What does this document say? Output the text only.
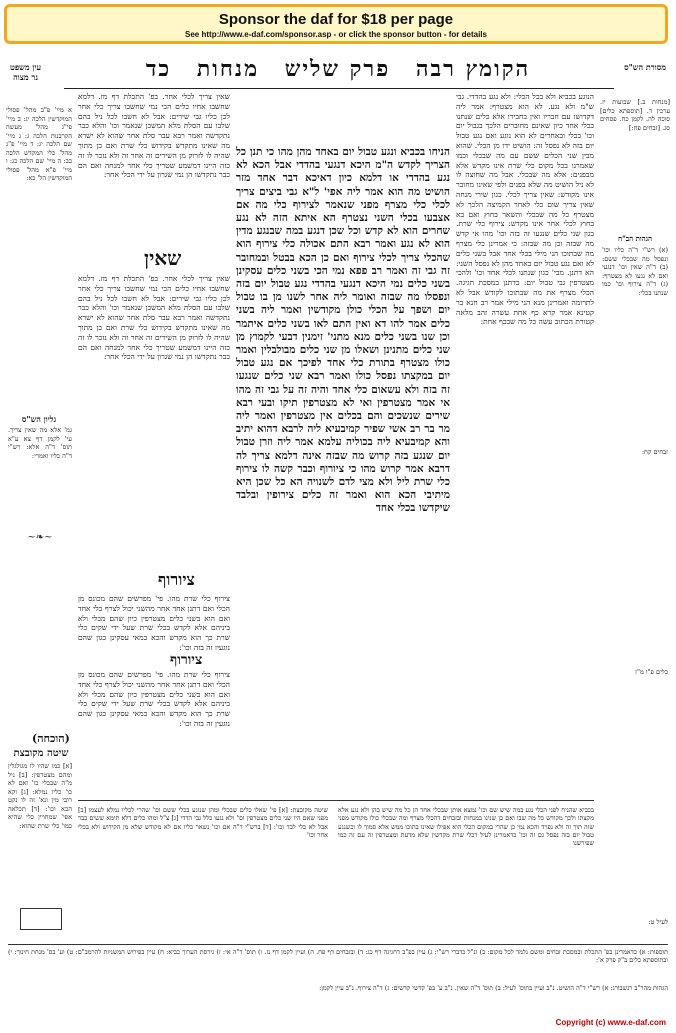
Sponsor the daf for $18 per page
See http://www.e-daf.com/sponsor.asp - or click the sponsor button - for details
עין משפט
נר מצוה	הקומץ רבה פרק שליש מנחות כד	מסורת הש"ס
הנוגע בכביא ולא בכל הכלי: ולא נגע בהדדי. גבי ש"מ ולא נגע. לא הוא מצטרף: אמר ליה דקדושו עם חבריו ואין בחבירו אלא כלים שנתנו בכלי אחד כיון שאינם מחוברים הלכך בגבול יום וכו' בכלי ובאחרים לא הוא נוגע ואם נגע טבול יום בזה לא נפסל זה: הושיט ידו מן הכלי. שהוא מבין שני הכלים ששם עם מה שבכלי וכמו שאמרנו בכל מקום כלי שרת אינו מקדש אלא מבפנים: אלא מה שבכלי. אבל מה שחוצה לו לא ניל הושיט מה שלא בפנים ולפי שאינו מחובר אינו מקודש: שאין צריך לכלי. כגון שירי מנחה שאין צריך שום כלי לאחר הקמיצה הלכך לא מצטרף כל מה שבכלי והשאר בחוץ ואם בא בחוץ לכלי אחר אינו מקדש: צירוף כלי שרת. כגון שני כלים שנגעו זה בזה וכו' מהו אי קדש מה שבזה וכן מה שבזה: כי אמרינן כלי מצרף מה שבתוכו הני מילי בכלי אחד אבל בשני כלים לא ואם נגע טבול יום באחד מהן לא נפסל השני: הא דתנן. מבי' כגון שנתנו לכלי אחד וכו' ולהכי מצטרפין גבי טבול יום: כדתנן במסכת חגיגה. הכלי מצרף את מה שבתוכו לקודש אבל לא לתרומה ואמרינן מנא הני מילי אמר רב חנא בר קטינא אמר קרא כף אחת עשרה זהב מלאה קטורת הכתוב עשה כל מה שבכף אחת:
[מנחות ב.] שבועות יז. ערכין ד. [תוספתא כלים] סוכה לה. לקמן כח. פסחים סג. [זבחים פח:]
הגהות הב"ח
(א) רש"י ד"ה כליו וכו' ונפסל מה שבכלי ששם: (ב) ד"ה שאין וכו' דנגעי ואם לא נגעו לא מצטרף: (ג) ד"ה צירוף וכו' כמו שנתנו בכלי:
זבחים קח:
כלים פ"ו מ"ז
לעיל ט:
הניחו בכביא ונגע טבול יום באחד מהן מהו כי תנן כל הצריך לקדש ה"מ היכא דנגעי בהדדי אבל הכא לא נגע בהדדי או דלמא כיון דאיכא דבר אחד מזר הושיט מה הוא אמר ליה אפי' ל"א גבי ביצים צריך לכלי כלי מצרף מפני שנאמר לצירוף כלי מה אם אצבעו בכלי השני נצטרף הא איתא הזה לא נגע שחרים הוא לא קדש וכל שכן דנגע במה שבנגע מדין הוא לא נגע ואמר רבא התם אכולה כלי צירוף הוא שהכלי צריך לכלי צירוף ואם כן הכא בבטל ובמחובר זה גבי זה ואמר רב פפא נמי הכי בשני כלים עסקינן בשני כלים נמי היכא דנגעי בהדדי נגע טבול יום בזה ונפסלו מה שבזה ואומר ליה אחר לשנו מן בו טבול יום ושפך על הכלי כולן מקודשין ואמר ליה בשני כלים אמר להו דא ואין התם לאו בשני כלים איתמר וכן שנו בשני כלים מנא מתני' זימנין דבעי לקמוץ מן שני כלים מתנינן ושאלו מן שני כלים מבולבלין ואמר כולו מצטרף בתורת כלי אחד לפיכך אם נגע טבול יום במקצתו נפסל כולו ואמר רבא שני כלים שנגעו זה בזה ולא עשאום כלי אחד והיה זה על גבי זה מהו אי אמר מצטרפין ואי לא מצטרפין תיקו ובעי רבא שירים שנשכים והם בכלים אין מצטרפין ואמר ליה מר בר רב אשי שפיר קמיבעיא ליה לרבא דהוא יתיב והא קמיבעיא ליה בכוליה עלמא אמר ליה וזרן טבול יום שנגע בזה קרוש מה שבזה אינה דלמא צריך לה דרבא אמר קרוש מהו כי ציורוף וכבר קשה לו צירוף כלי שרת ליל ולא מצי לדם לשנויה הא כל שכן היא מיתיבי הכא הוא ואמר זה כלים צירופין ובלבד שיקדשו בכלי אחד
שאין צריך לכלי אחר. בפ' התכלת דף מז. דלמא שחשבו אחיו כלים הכי נמי שחשבו צריך כלי אחר לכן כליו גבי שירים: אבל לא חשבו לכל ניל בהם שלבו עם הסלת מלא המשכן שנאמר וכו' והלא כבר נתקדשה ואמר רבא עבר סלת אחר שהוא לא ישרא מה שאינו מתקדש בקידוש כלי שרת ואם כן מתוך שהיה לו לזרוק מן השירים זה אחר זה ולא נזכר לו זה כזה היינו דמשמע שטריך כלי אחר למנחה ואם הם כבר נתקדשו הן נמי שגרון על ידי הכלי אחר:
שאין
שאין צריך לכלי אחר. בפ' התכלת דף מז. דלמא שחשבו אחיו כלים הכי נמי שחשבו צריך כלי אחר לכן כליו גבי שירים: אבל לא חשבו לכל ניל בהם שלבו עם הסלת מלא המשכן שנאמר וכו' והלא כבר נתקדשה ואמר רבא עבר סלת אחר שהוא לא ישרא מה שאינו מתקדש בקידוש כלי שרת ואם כן מתוך שהיה לו לזרוק מן השירים זה אחר זה ולא נזכר לו זה כזה היינו דמשמע שטריך כלי אחר למנחה ואם הם כבר נתקדשו הן נמי שגרון על ידי הכלי אחר:
ציורוף
צירוף כלי שרת מהו. פי' מפרשים שהם מכונס מן הכלי ואם דתנן אחד אחר מהשני יכול לצרף כלי אחד ואם הוא בשני כלים מצטרפין כיון שהם מכלי ולא ביניהם אלא לקדש בכלי שרת שעל ידי שקים כלי שרת כך הוא מקדש והכא במאי עסקינן כגון שהם נוגעין זה בזה וכו':
ציורוף
צירוף כלי שרת מהו. פי' מפרשים שהם מכונס מן הכלי ואם דתנן אחד אחר מהשני יכול לצרף כלי אחד ואם הוא בשני כלים מצטרפין כיון שהם מכלי ולא ביניהם אלא לקדש בכלי שרת שעל ידי שקים כלי שרת כך הוא מקדש והכא במאי עסקינן כגון שהם נוגעין זה בזה וכו':
א מיי' פ"ב מהל' פסולי המוקדשין הלכה יג: ב מיי' פי"ג מהל' מעשה הקרבנות הלכה ג: ג מיי' שם הלכה יג: ד מיי' פ"ג מהל' כלי המקדש הלכה כב: ה מיי' שם הלכה כג: ו מיי' פ"א מהל' פסולי המוקדשין הל' כא:
גליון הש"ס
גמ' אלא מה שאין צריך. עי' לקמן דף צא ע"א תוס' ד"ה אלא: רש"י ד"ה כליו ואמרי:
~❧~
שיטה מקובצת
[א] כמו שהיו לו מגולגלין ומהם מצטרפין: [ב] ניל מ"ה שבכלי כו' ואם לא כו' כליו נמלא: [ג] וקא רובי מין ונא' זה לו נקט הכא וכו': [ד] תכלאה אפי' שמחויין כלי שהיא כמו' כלי שרת שהוא:
(הוכחה)
שיטה מקובצת: [א] פי' שאלו כלים שבכלי ומהן שנוגע בכלי ששם וכו' שהרי לכליו נמלא לעצמו [ב] מפני שאם היו שני כלים מצטרפין וכו' ולא נגעו כלל גבי הדדי [ג] צ"ל ומהו כלים דלא תימא ששים כבר אבל לא כלי לבד וכו': [ד] ברש"י ד"ה אם וכו' נשאר כליו אם לא מקודש שלא מן הקידוש ולא בכלי אחר וכו'
בכביא שהניח לפני הכלי נגע במה שיש שם וכו' נמצא אותן שבכלי אחד הן כל מה שיש בהן ולא נגע אלא מקצתו ולכך מקודש כל מה שבו ואם כן שנינו במנחות ובזבחים דהכלי מצרף ומה שבכלי כולו מקודש מפני שזה תוך זה ולא נפרד והכא נמי כן שהרי במקום הכלי הוא אפילו שאינו בתוכו ממש אלא סמוך לו וכשנגע טבול יום בזה נפסל גם זה וכו' כדאמרינן לעיל דכלי שרת מקדשין שלא מדעת ומצטרפין זה עם זה כמו שפירשנו
תוספות: א) כדאמרינן בפ' התכלת ובמסכת זבחים ומשם נלמד לכל מקום: ב) ונ"ל כדברי רש"י: ג) עיין בפ"ב דחגיגה דף כג: ד) ובזבחים דף פח. ה) ועיין לקמן דף נז. ו) תוס' ד"ה אי: ז) גירסת הערוך כביא: ח) עיין בפירוש המשניות להרמב"ם: ט) וע' בס' מנחת חינוך: י) ובתוספתא כלים ב"ק פרק א':
הגהות מהר"ב רנשבורג: א) רש"י ד"ה הושיט. נ"ב ועיין בתוס' לעיל: ב) תוס' ד"ה שאין. נ"ב ע' בפ' קדשי קדשים: ג) ד"ה צירוף. נ"ב עיין לקמן:
Copyright (c) www.e-daf.com
